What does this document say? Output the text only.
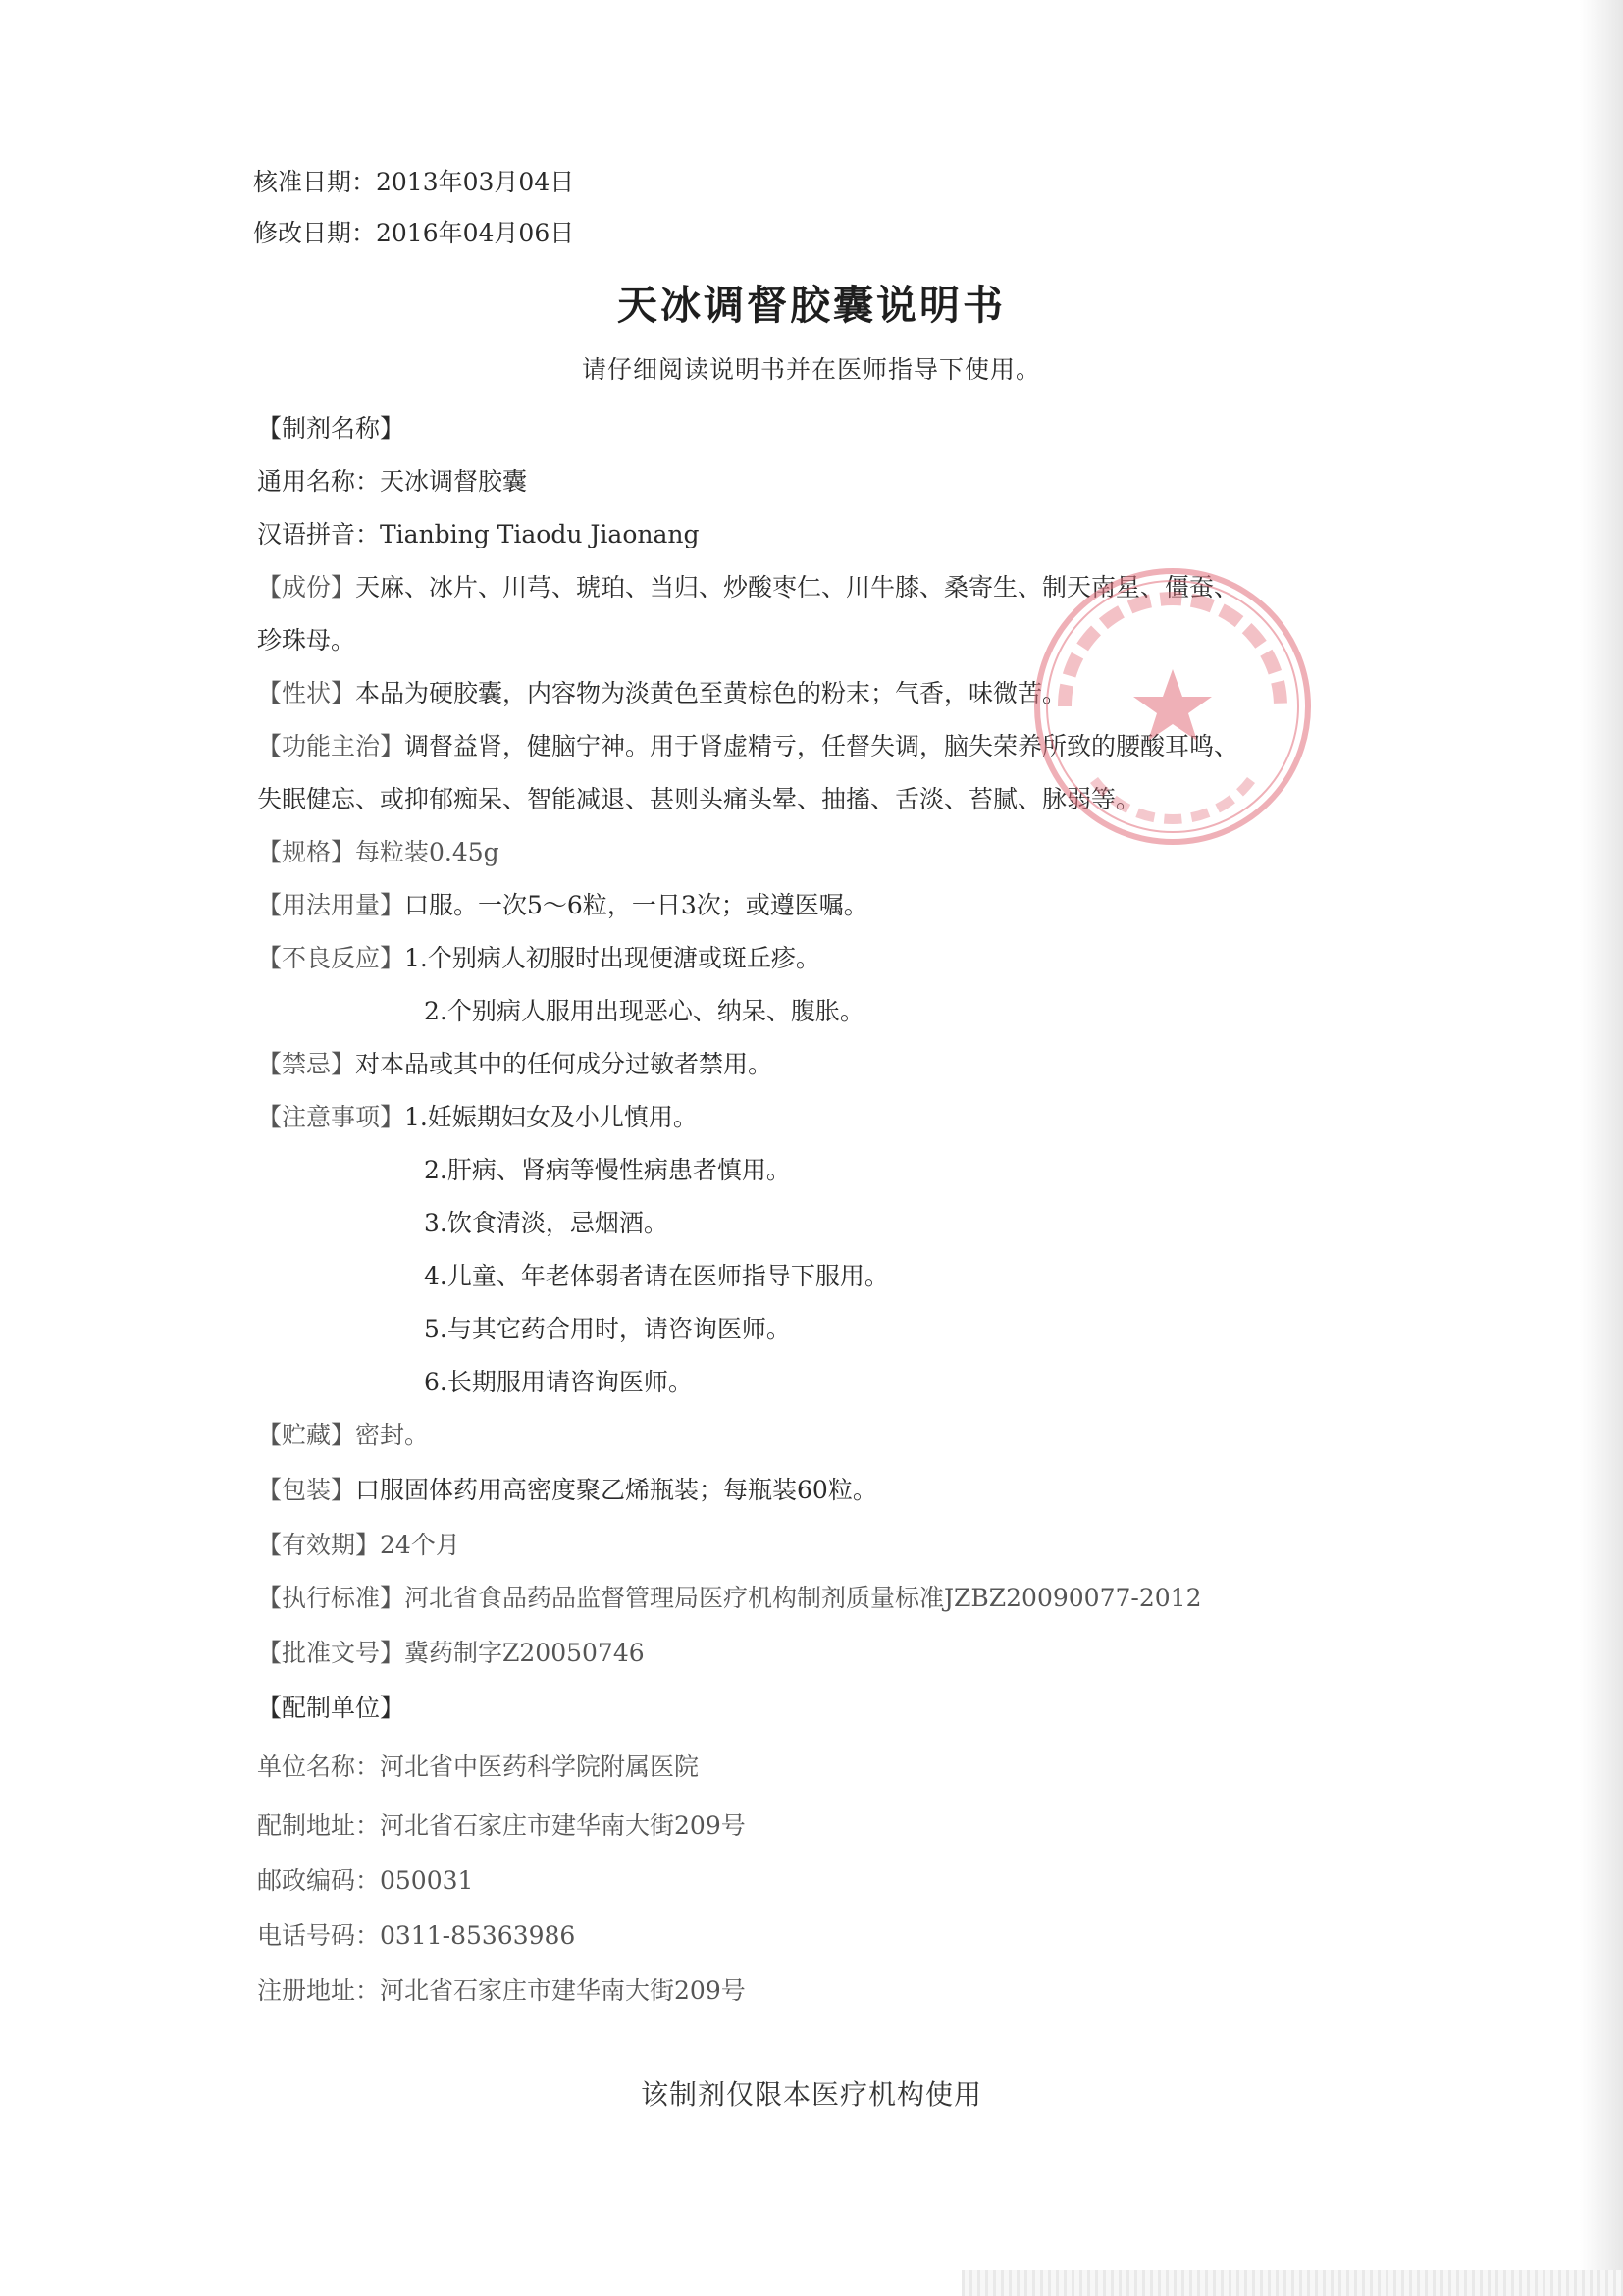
核准日期：2013年03月04日
修改日期：2016年04月06日
天冰调督胶囊说明书
请仔细阅读说明书并在医师指导下使用。
【制剂名称】
通用名称：天冰调督胶囊
汉语拼音：Tianbing Tiaodu Jiaonang
【成份】天麻、冰片、川芎、琥珀、当归、炒酸枣仁、川牛膝、桑寄生、制天南星、僵蚕、
珍珠母。
【性状】本品为硬胶囊，内容物为淡黄色至黄棕色的粉末；气香，味微苦。
【功能主治】调督益肾，健脑宁神。用于肾虚精亏，任督失调，脑失荣养所致的腰酸耳鸣、
失眠健忘、或抑郁痴呆、智能减退、甚则头痛头晕、抽搐、舌淡、苔腻、脉弱等。
【规格】每粒装0.45g
【用法用量】口服。一次5～6粒，一日3次；或遵医嘱。
【不良反应】1.个别病人初服时出现便溏或斑丘疹。
2.个别病人服用出现恶心、纳呆、腹胀。
【禁忌】对本品或其中的任何成分过敏者禁用。
【注意事项】1.妊娠期妇女及小儿慎用。
2.肝病、肾病等慢性病患者慎用。
3.饮食清淡，忌烟酒。
4.儿童、年老体弱者请在医师指导下服用。
5.与其它药合用时，请咨询医师。
6.长期服用请咨询医师。
【贮藏】密封。
【包装】口服固体药用高密度聚乙烯瓶装；每瓶装60粒。
【有效期】24个月
【执行标准】河北省食品药品监督管理局医疗机构制剂质量标准JZBZ20090077-2012
【批准文号】冀药制字Z20050746
【配制单位】
单位名称：河北省中医药科学院附属医院
配制地址：河北省石家庄市建华南大街209号
邮政编码：050031
电话号码：0311-85363986
注册地址：河北省石家庄市建华南大街209号
该制剂仅限本医疗机构使用
